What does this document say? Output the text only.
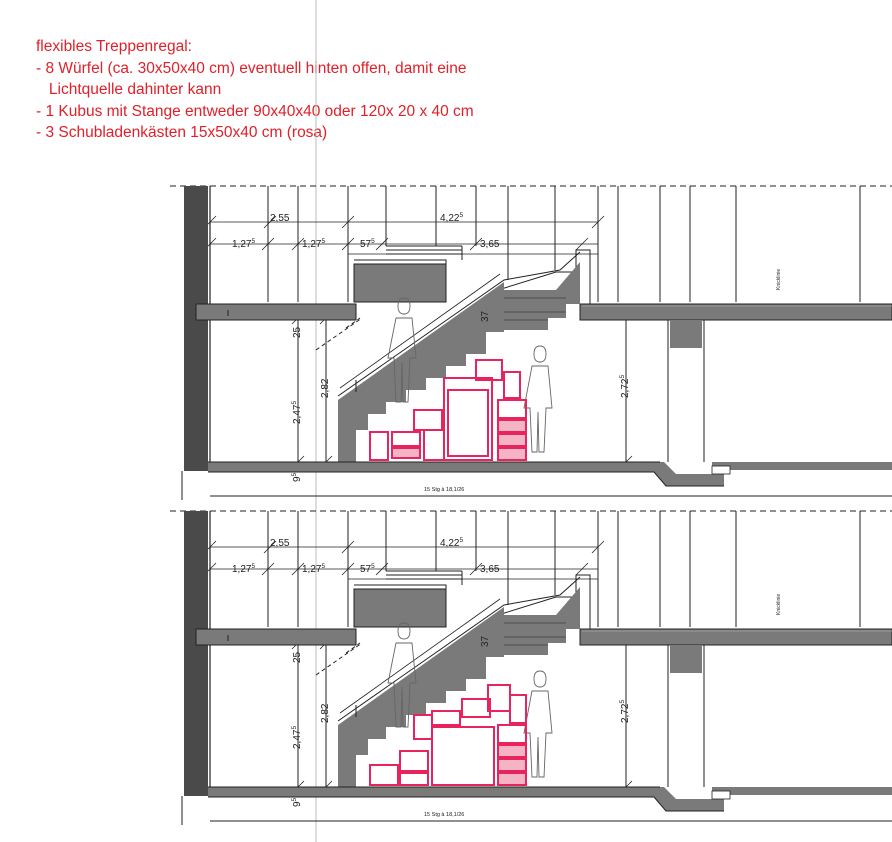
flexibles Treppenregal:
- 8 Würfel (ca. 30x50x40 cm) eventuell hinten offen, damit eine
Lichtquelle dahinter kann
- 1 Kubus mit Stange entweder 90x40x40 oder 120x 20 x 40 cm
- 3 Schubladenkästen 15x50x40 cm (rosa)
2,55	4,22$^5$
1,27$^5$	1,27$^5$	$57^5$	3,65
25
2,47$^5$
2,82	2,72$^5$
37
$9^5$
15 Stg à 18,1/26
Knicklinie
2,55	4,22$^5$
1,27$^5$	1,27$^5$	$57^5$	3,65
25
2,47$^5$
2,82	2,72$^5$
37
$9^5$
15 Stg à 18,1/26
Knicklinie
